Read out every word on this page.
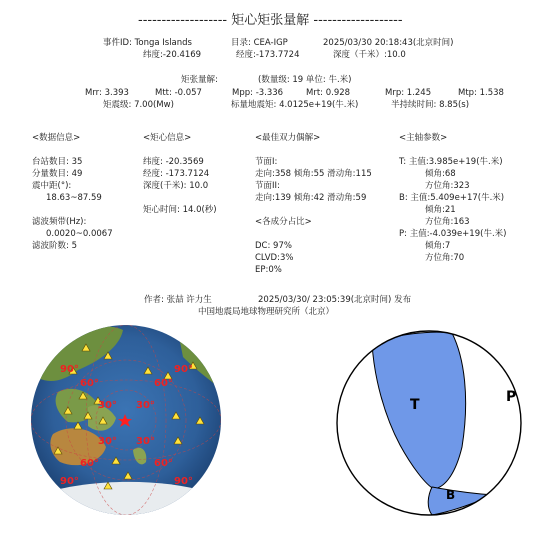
------------------- 矩心矩张量解 -------------------
事件ID: Tonga Islands	目录: CEA-IGP	2025/03/30 20:18:43(北京时间)
纬度:-20.4169	经度:-173.7724	深度（千米）:10.0
矩张量解:	(数量级: 19 单位: 牛.米)
Mrr: 3.393	Mtt: -0.057	Mpp: -3.336	Mrt: 0.928	Mrp: 1.245	Mtp: 1.538
矩震级: 7.00(Mw)	标量地震矩: 4.0125e+19(牛.米)	半持续时间: 8.85(s)
<数据信息>
台站数目: 35
分量数目: 49
震中距(°):
18.63~87.59
滤波频带(Hz):
0.0020~0.0067
滤波阶数: 5
<矩心信息>
纬度: -20.3569
经度: -173.7124
深度(千米): 10.0
矩心时间: 14.0(秒)
<最佳双力偶解>
节面I:
走向:358 倾角:55 滑动角:115
节面II:
走向:139 倾角:42 滑动角:59
<各成分占比>
DC: 97%
CLVD:3%
EP:0%
<主轴参数>
T: 主值:3.985e+19(牛.米)
倾角:68
方位角:323
B: 主值:5.409e+17(牛.米)
倾角:21
方位角:163
P: 主值:-4.039e+19(牛.米)
倾角:7
方位角:70
作者: 张喆 许力生	2025/03/30/ 23:05:39(北京时间) 发布
中国地震局地球物理研究所（北京）
90°
60°
30° 30°
60°
90°
60°
30° 30°
60°
90°	90°
T	P
B
